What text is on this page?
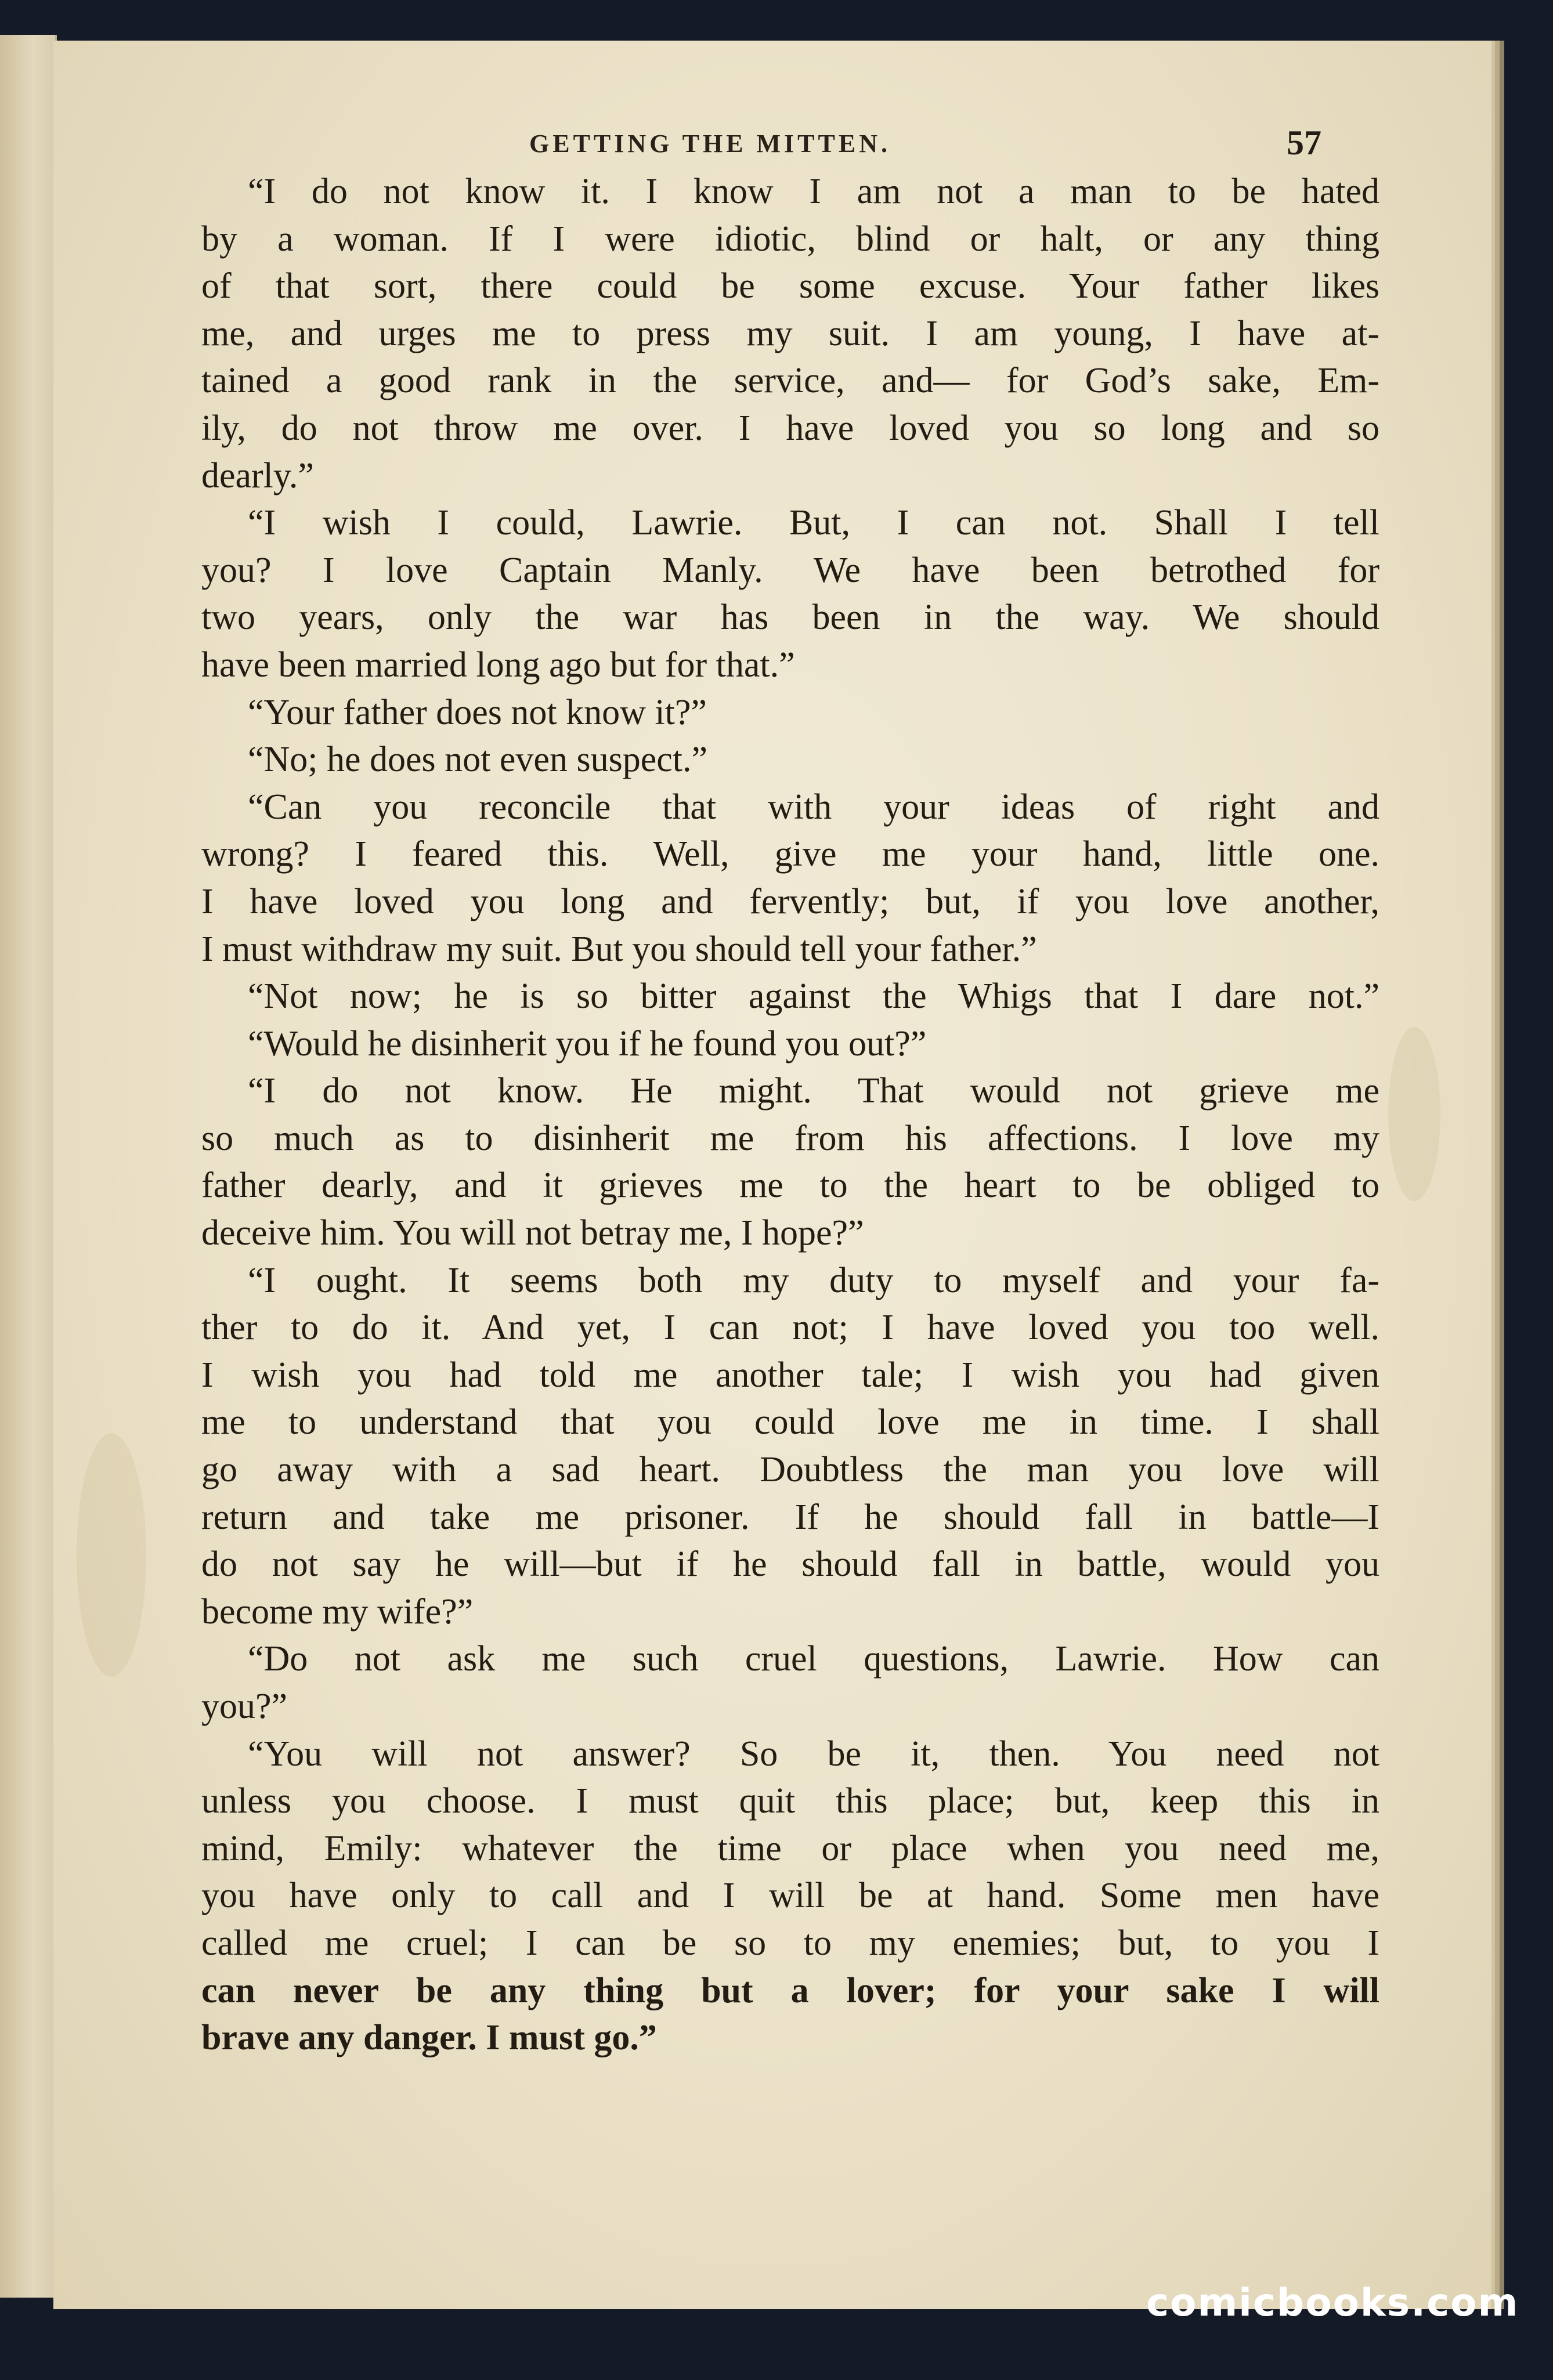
GETTING THE MITTEN.	57
“I do not know it. I know I am not a man to be hated
by a woman. If I were idiotic, blind or halt, or any thing
of that sort, there could be some excuse. Your father likes
me, and urges me to press my suit. I am young, I have at-
tained a good rank in the service, and— for God’s sake, Em-
ily, do not throw me over. I have loved you so long and so
dearly.”
“I wish I could, Lawrie. But, I can not. Shall I tell
you? I love Captain Manly. We have been betrothed for
two years, only the war has been in the way. We should
have been married long ago but for that.”
“Your father does not know it?”
“No; he does not even suspect.”
“Can you reconcile that with your ideas of right and
wrong? I feared this. Well, give me your hand, little one.
I have loved you long and fervently; but, if you love another,
I must withdraw my suit. But you should tell your father.”
“Not now; he is so bitter against the Whigs that I dare not.”
“Would he disinherit you if he found you out?”
“I do not know. He might. That would not grieve me
so much as to disinherit me from his affections. I love my
father dearly, and it grieves me to the heart to be obliged to
deceive him. You will not betray me, I hope?”
“I ought. It seems both my duty to myself and your fa-
ther to do it. And yet, I can not; I have loved you too well.
I wish you had told me another tale; I wish you had given
me to understand that you could love me in time. I shall
go away with a sad heart. Doubtless the man you love will
return and take me prisoner. If he should fall in battle—I
do not say he will—but if he should fall in battle, would you
become my wife?”
“Do not ask me such cruel questions, Lawrie. How can
you?”
“You will not answer? So be it, then. You need not
unless you choose. I must quit this place; but, keep this in
mind, Emily: whatever the time or place when you need me,
you have only to call and I will be at hand. Some men have
called me cruel; I can be so to my enemies; but, to you I
can never be any thing but a lover; for your sake I will
brave any danger. I must go.”
comicbooks.com
